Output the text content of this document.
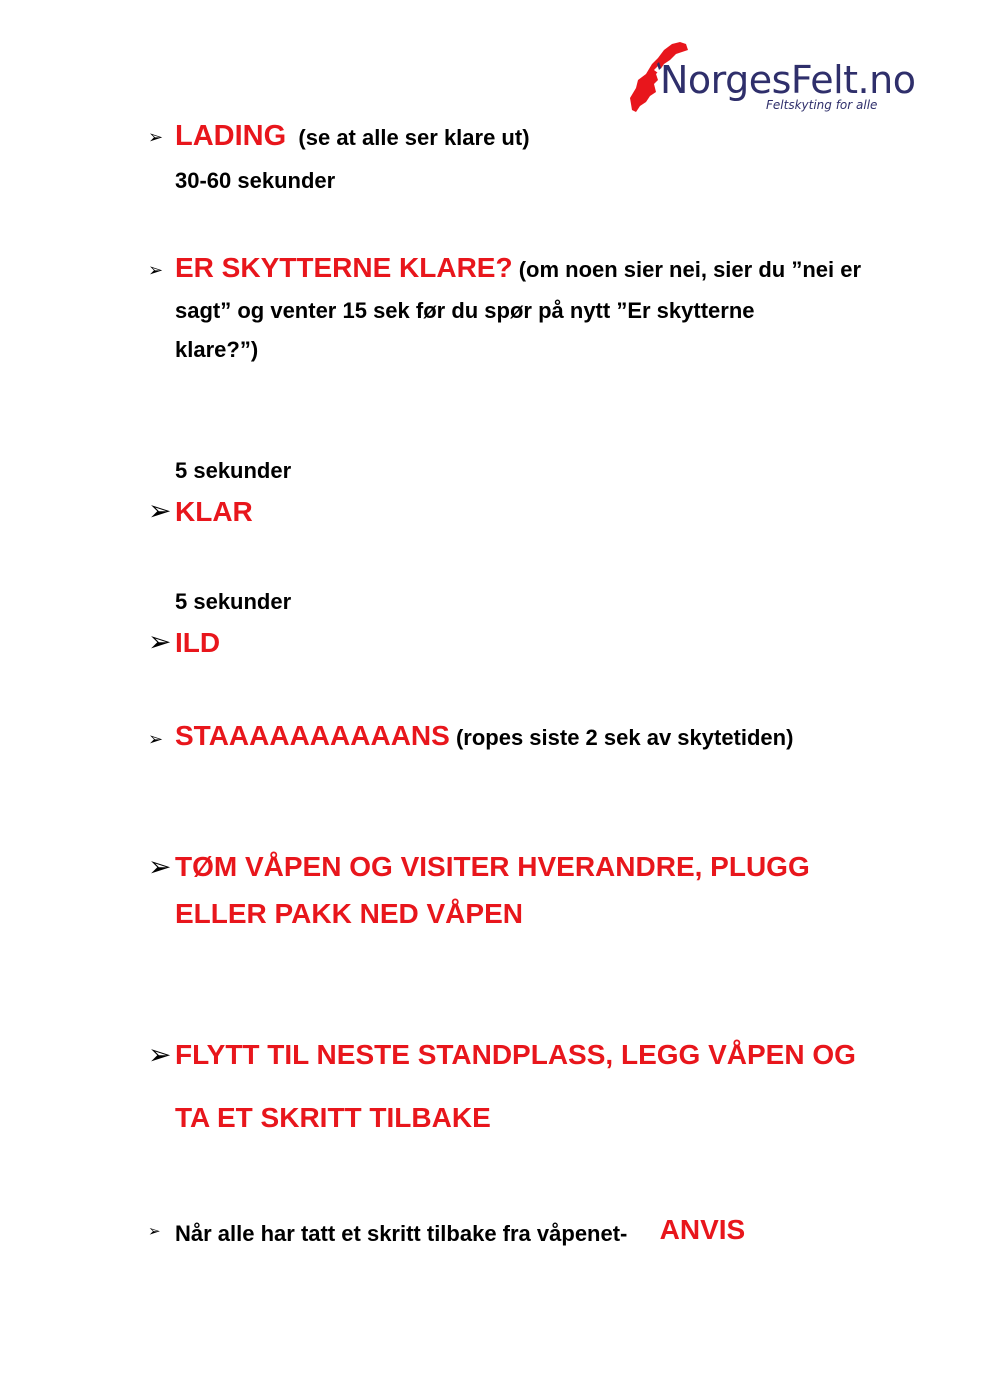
NorgesFelt.no
Feltskyting for alle
➢ LADING (se at alle ser klare ut)
30-60 sekunder
➢ ER SKYTTERNE KLARE? (om noen sier nei, sier du ”nei er
sagt” og venter 15 sek før du spør på nytt ”Er skytterne
klare?”)
5 sekunder
➢ KLAR
5 sekunder
➢ ILD
➢ STAAAAAAAAAANS (ropes siste 2 sek av skytetiden)
➢ TØM VÅPEN OG VISITER HVERANDRE, PLUGG
ELLER PAKK NED VÅPEN
➢ FLYTT TIL NESTE STANDPLASS, LEGG VÅPEN OG
TA ET SKRITT TILBAKE
➢ Når alle har tatt et skritt tilbake fra våpenet- ANVIS
